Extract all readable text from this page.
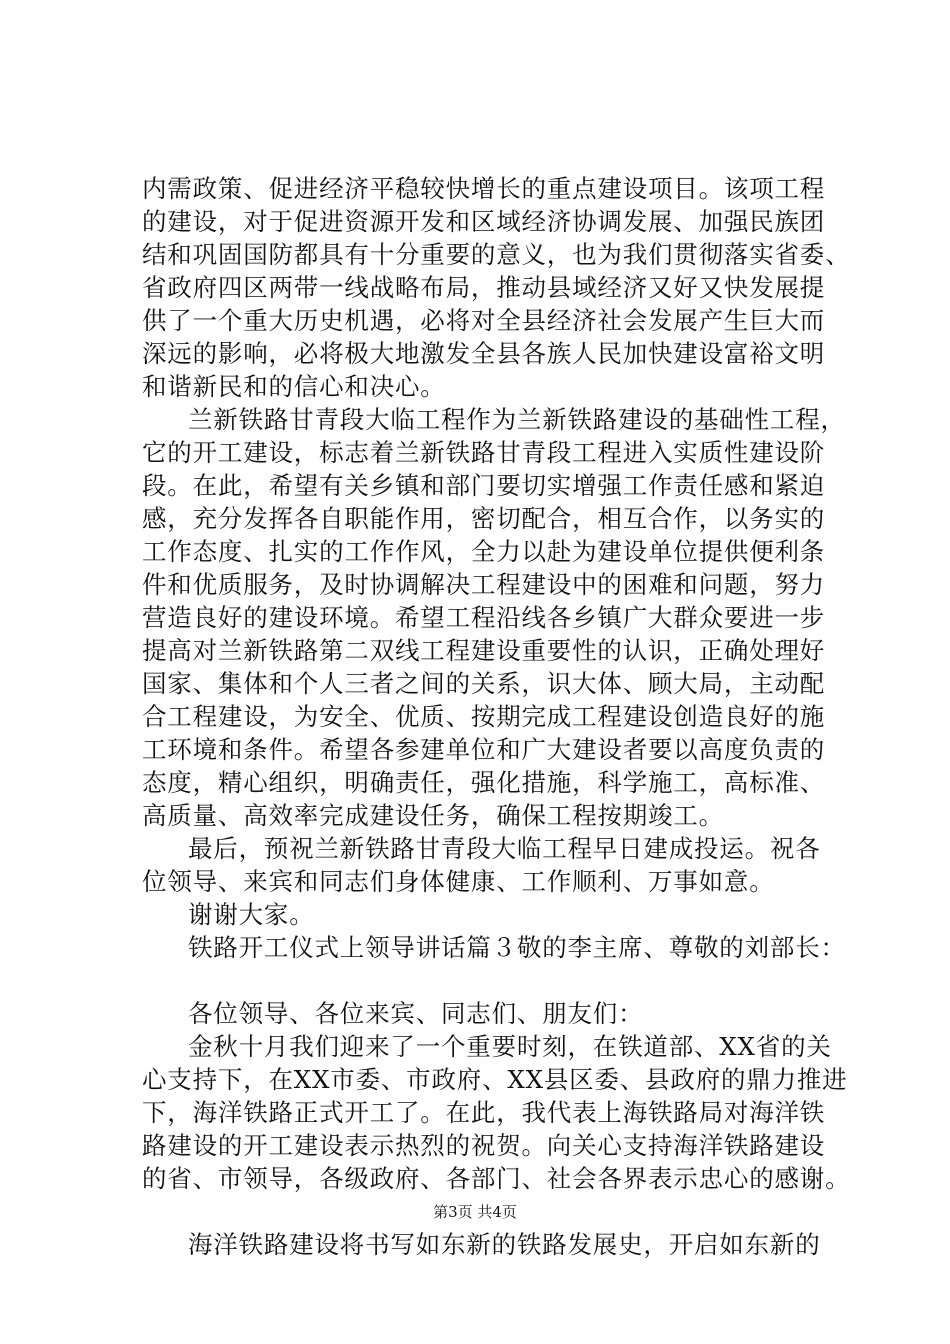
内需政策、促进经济平稳较快增长的重点建设项目。该项工程
的建设，对于促进资源开发和区域经济协调发展、加强民族团
结和巩固国防都具有十分重要的意义，也为我们贯彻落实省委、
省政府四区两带一线战略布局，推动县域经济又好又快发展提
供了一个重大历史机遇，必将对全县经济社会发展产生巨大而
深远的影响，必将极大地激发全县各族人民加快建设富裕文明
和谐新民和的信心和决心。
兰新铁路甘青段大临工程作为兰新铁路建设的基础性工程，
它的开工建设，标志着兰新铁路甘青段工程进入实质性建设阶
段。在此，希望有关乡镇和部门要切实增强工作责任感和紧迫
感，充分发挥各自职能作用，密切配合，相互合作，以务实的
工作态度、扎实的工作作风，全力以赴为建设单位提供便利条
件和优质服务，及时协调解决工程建设中的困难和问题，努力
营造良好的建设环境。希望工程沿线各乡镇广大群众要进一步
提高对兰新铁路第二双线工程建设重要性的认识，正确处理好
国家、集体和个人三者之间的关系，识大体、顾大局，主动配
合工程建设，为安全、优质、按期完成工程建设创造良好的施
工环境和条件。希望各参建单位和广大建设者要以高度负责的
态度，精心组织，明确责任，强化措施，科学施工，高标准、
高质量、高效率完成建设任务，确保工程按期竣工。
最后，预祝兰新铁路甘青段大临工程早日建成投运。祝各
位领导、来宾和同志们身体健康、工作顺利、万事如意。
谢谢大家。
铁路开工仪式上领导讲话篇３敬的李主席、尊敬的刘部长：
各位领导、各位来宾、同志们、朋友们：
金秋十月我们迎来了一个重要时刻，在铁道部、XX省的关
心支持下，在XX市委、市政府、XX县区委、县政府的鼎力推进
下，海洋铁路正式开工了。在此，我代表上海铁路局对海洋铁
路建设的开工建设表示热烈的祝贺。向关心支持海洋铁路建设
的省、市领导，各级政府、各部门、社会各界表示忠心的感谢。
海洋铁路建设将书写如东新的铁路发展史，开启如东新的
第3页 共4页
